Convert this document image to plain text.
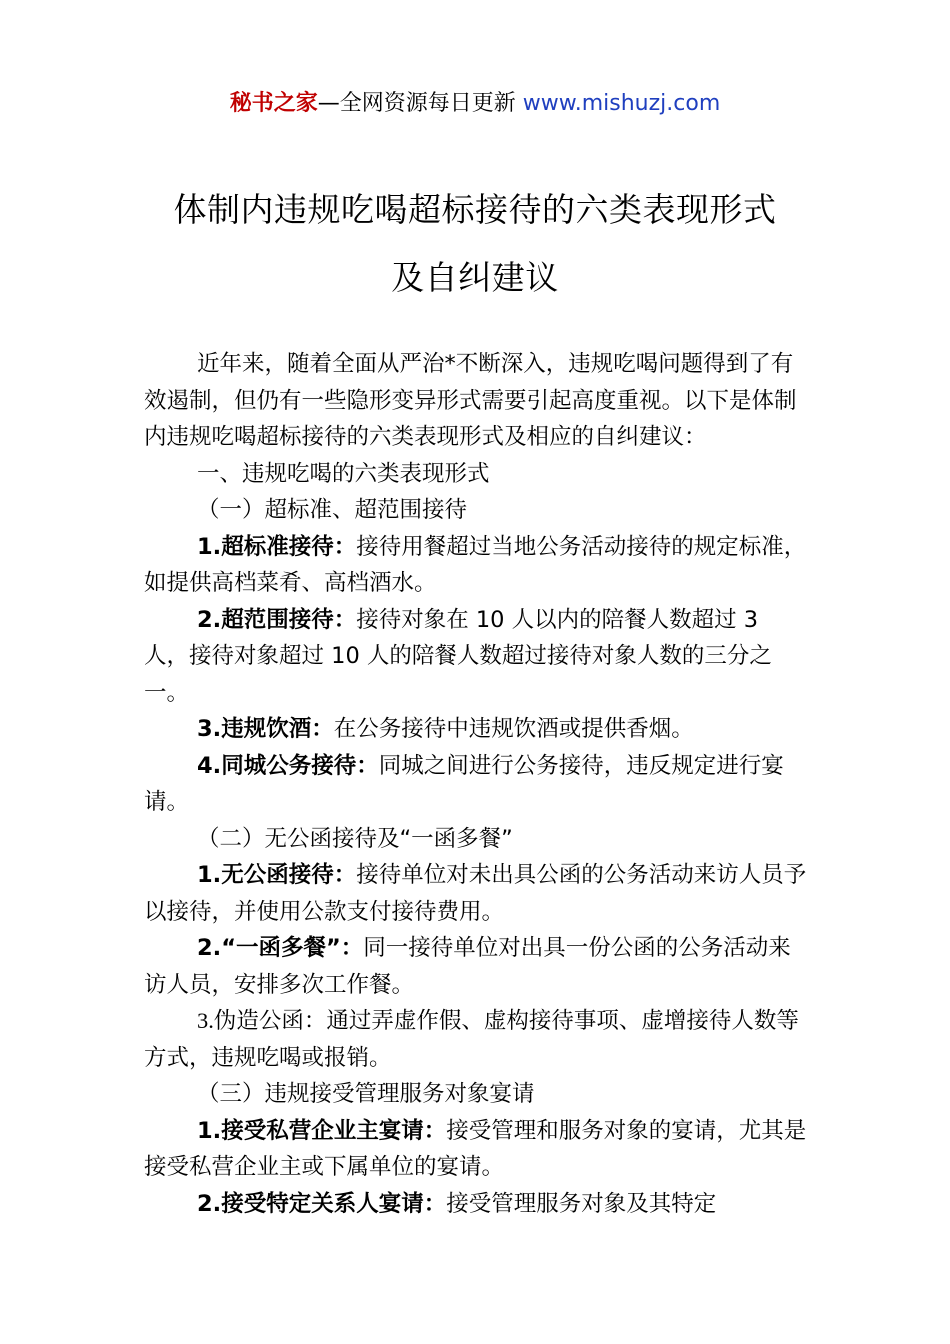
秘书之家—全网资源每日更新 www.mishuzj.com
体制内违规吃喝超标接待的六类表现形式
及自纠建议

近年来，随着全面从严治*不断深入，违规吃喝问题得到了有效遏制，但仍有一些隐形变异形式需要引起高度重视。以下是体制内违规吃喝超标接待的六类表现形式及相应的自纠建议：

一、违规吃喝的六类表现形式

（一）超标准、超范围接待

1.超标准接待：接待用餐超过当地公务活动接待的规定标准，如提供高档菜肴、高档酒水。

2.超范围接待：接待对象在 10 人以内的陪餐人数超过 3 人，接待对象超过 10 人的陪餐人数超过接待对象人数的三分之一。

3.违规饮酒：在公务接待中违规饮酒或提供香烟。

4.同城公务接待：同城之间进行公务接待，违反规定进行宴请。

（二）无公函接待及“一函多餐”

1.无公函接待：接待单位对未出具公函的公务活动来访人员予以接待，并使用公款支付接待费用。

2.“一函多餐”：同一接待单位对出具一份公函的公务活动来访人员，安排多次工作餐。

3.伪造公函：通过弄虚作假、虚构接待事项、虚增接待人数等方式，违规吃喝或报销。

（三）违规接受管理服务对象宴请

1.接受私营企业主宴请：接受管理和服务对象的宴请，尤其是接受私营企业主或下属单位的宴请。

2.接受特定关系人宴请：接受管理服务对象及其特定
